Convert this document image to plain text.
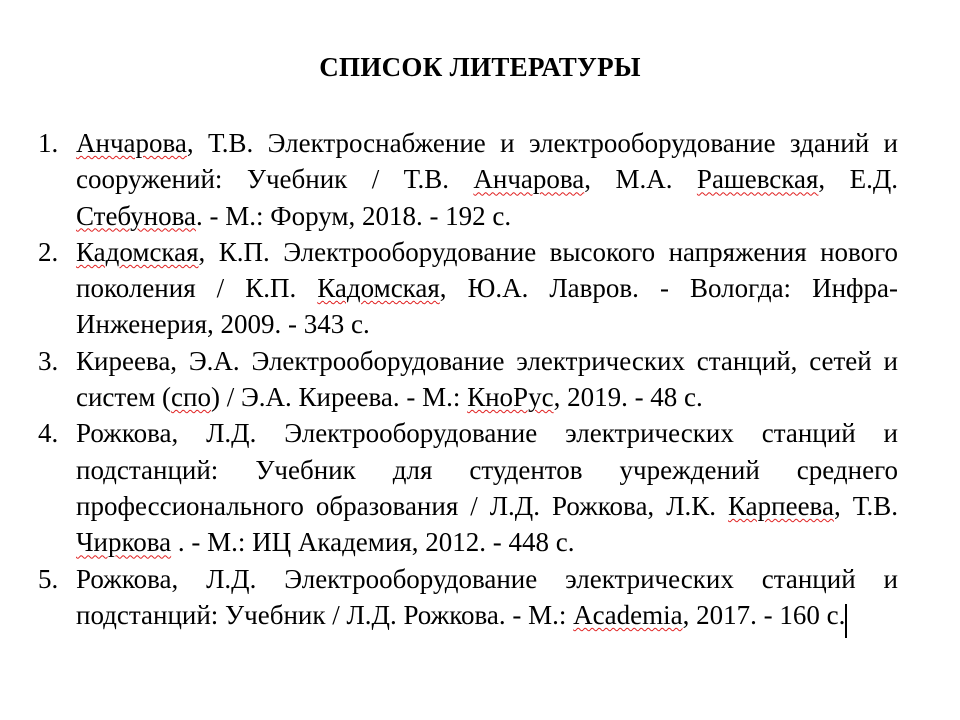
СПИСОК ЛИТЕРАТУРЫ
1. Анчарова, Т.В. Электроснабжение и электрооборудование зданий и сооружений: Учебник / Т.В. Анчарова, М.А. Рашевская, Е.Д. Стебунова. - М.: Форум, 2018. - 192 с.
2. Кадомская, К.П. Электрооборудование высокого напряжения нового поколения / К.П. Кадомская, Ю.А. Лавров. - Вологда: Инфра-Инженерия, 2009. - 343 с.
3. Киреева, Э.А. Электрооборудование электрических станций, сетей и систем (спо) / Э.А. Киреева. - М.: КноРус, 2019. - 48 с.
4. Рожкова, Л.Д. Электрооборудование электрических станций и подстанций: Учебник для студентов учреждений среднего профессионального образования / Л.Д. Рожкова, Л.К. Карпеева, Т.В. Чиркова . - М.: ИЦ Академия, 2012. - 448 с.
5. Рожкова, Л.Д. Электрооборудование электрических станций и подстанций: Учебник / Л.Д. Рожкова. - М.: Academia, 2017. - 160 с.
